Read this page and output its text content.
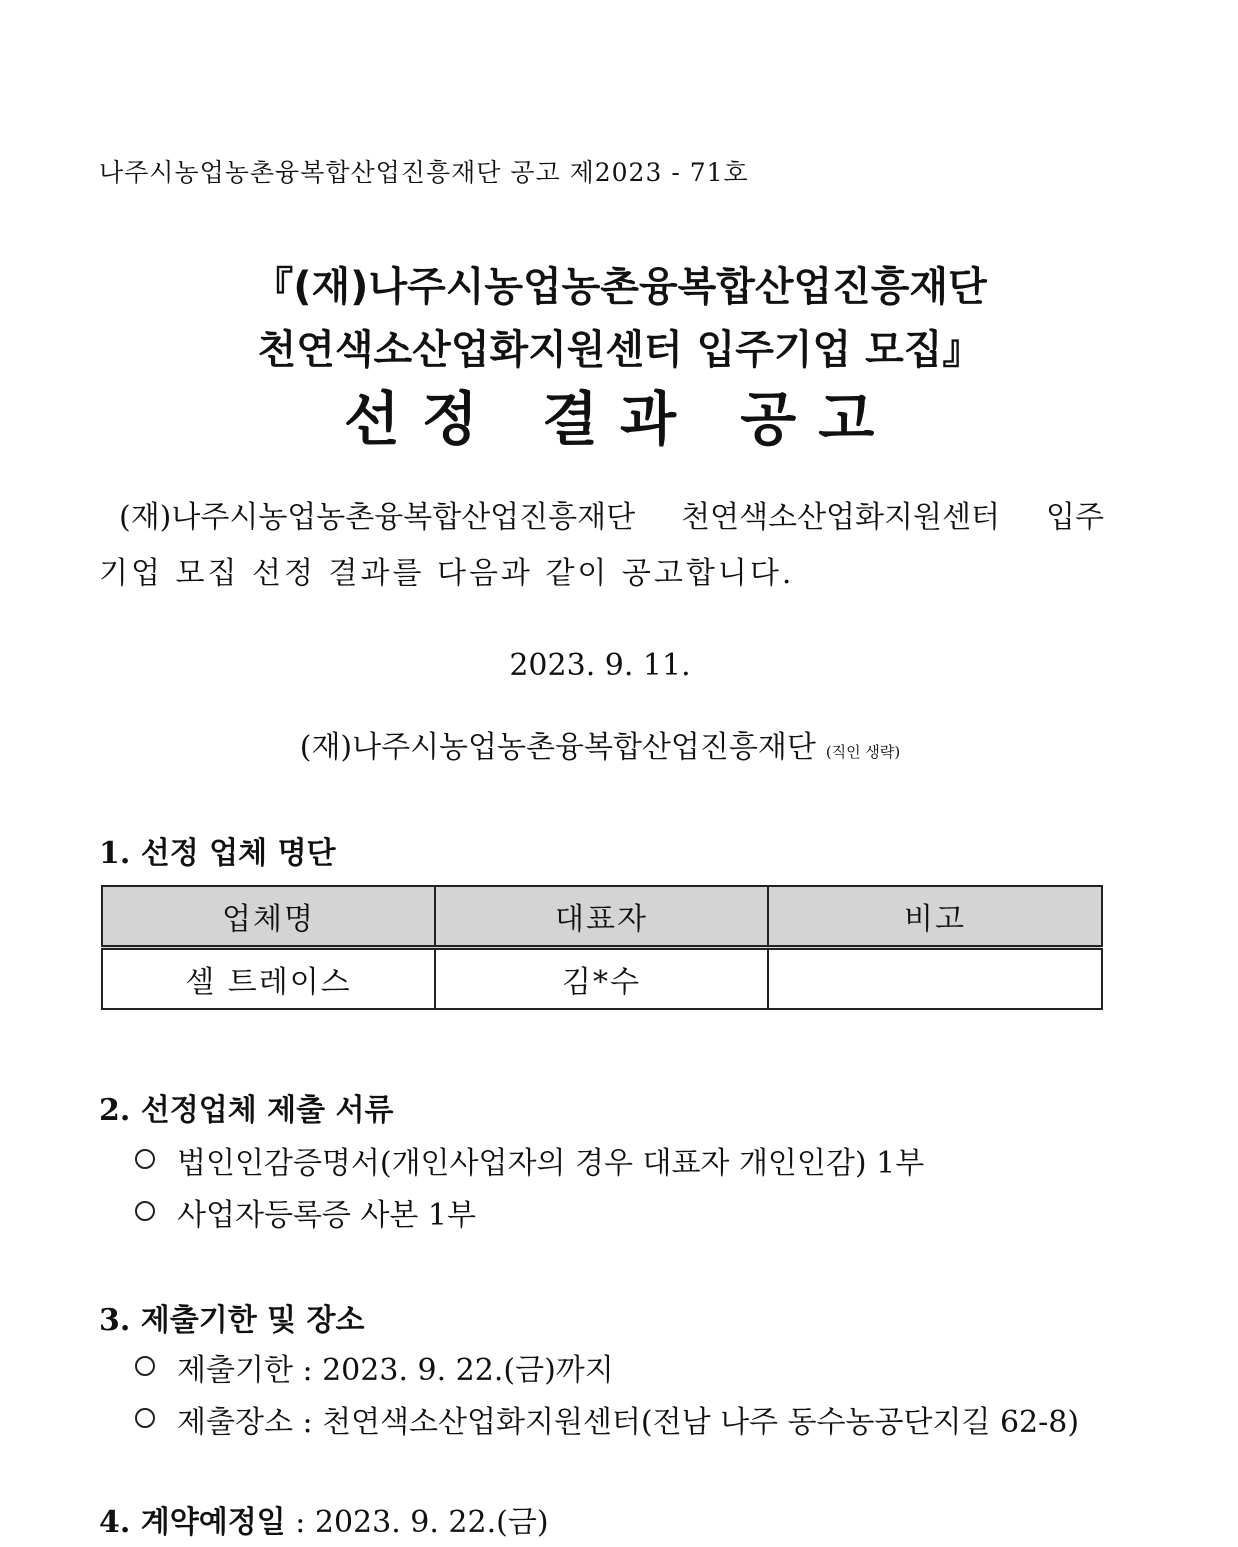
나주시농업농촌융복합산업진흥재단 공고 제2023 - 71호
『(재)나주시농업농촌융복합산업진흥재단
천연색소산업화지원센터 입주기업 모집』
선정 결과 공고
(재)나주시농업농촌융복합산업진흥재단 천연색소산업화지원센터 입주
기업 모집 선정 결과를 다음과 같이 공고합니다.
2023. 9. 11.
(재)나주시농업농촌융복합산업진흥재단 (직인 생략)
1. 선정 업체 명단
업체명	대표자	비고
셀 트레이스	김*수	
2. 선정업체 제출 서류
법인인감증명서(개인사업자의 경우 대표자 개인인감) 1부
사업자등록증 사본 1부
3. 제출기한 및 장소
제출기한 : 2023. 9. 22.(금)까지
제출장소 : 천연색소산업화지원센터(전남 나주 동수농공단지길 62-8)
4. 계약예정일 : 2023. 9. 22.(금)
